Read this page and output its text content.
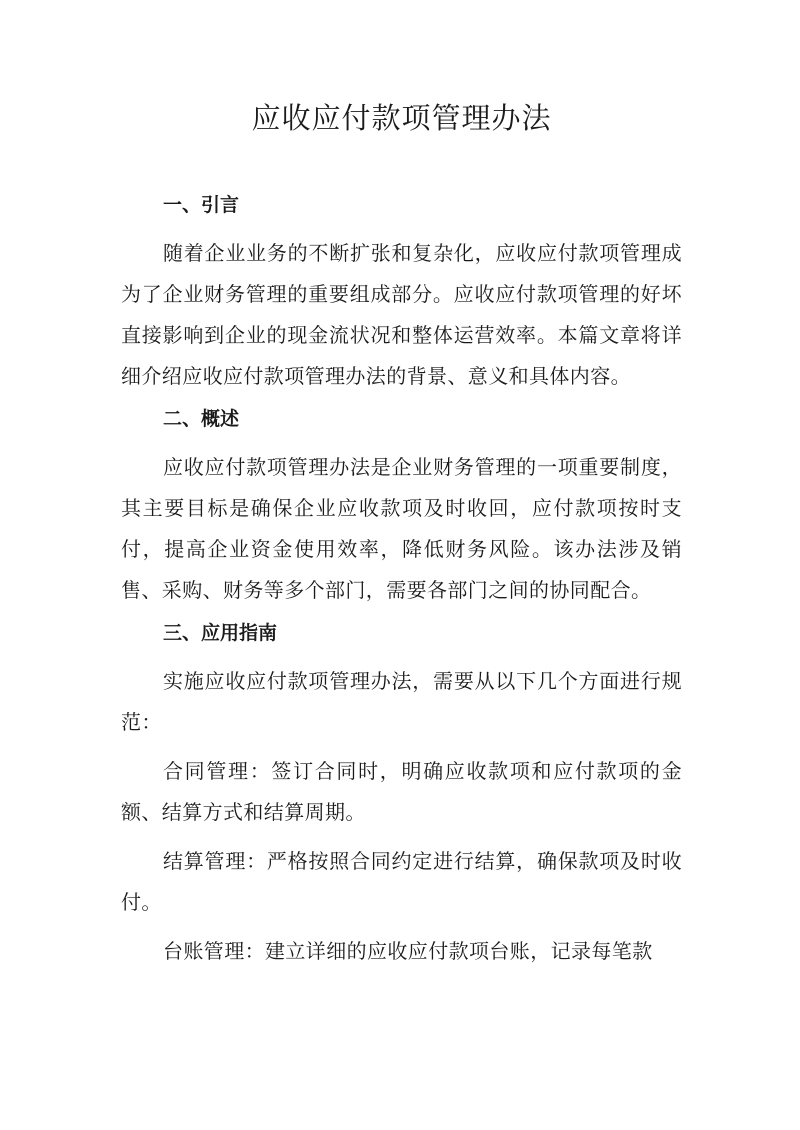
应收应付款项管理办法
一、引言

随着企业业务的不断扩张和复杂化，应收应付款项管理成为了企业财务管理的重要组成部分。应收应付款项管理的好坏直接影响到企业的现金流状况和整体运营效率。本篇文章将详细介绍应收应付款项管理办法的背景、意义和具体内容。

二、概述

应收应付款项管理办法是企业财务管理的一项重要制度，其主要目标是确保企业应收款项及时收回，应付款项按时支付，提高企业资金使用效率，降低财务风险。该办法涉及销售、采购、财务等多个部门，需要各部门之间的协同配合。

三、应用指南

实施应收应付款项管理办法，需要从以下几个方面进行规范：

合同管理：签订合同时，明确应收款项和应付款项的金额、结算方式和结算周期。

结算管理：严格按照合同约定进行结算，确保款项及时收付。

台账管理：建立详细的应收应付款项台账，记录每笔款
